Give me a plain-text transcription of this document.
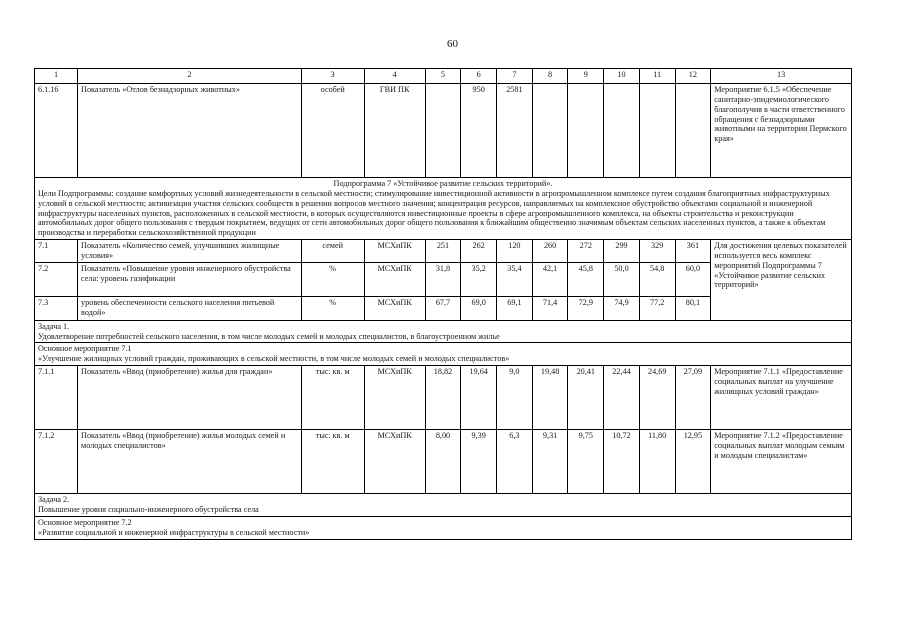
60
1	2	3	4	5	6	7	8	9	10	11	12	13
6.1.16	Показатель «Отлов безнадзорных животных»	особей	ГВИ ПК		950	2581						Мероприятие 6.1.5 «Обеспечение санитарно-эпидемиологического благополучия в части ответственного обращения с безнадзорными животными на территории Пермского края»

Подпрограмма 7 «Устойчивое развитие сельских территорий».
Цели Подпрограммы: создание комфортных условий жизнедеятельности в сельской местности; стимулирование инвестиционной активности в агропромышленном комплексе путем создания благоприятных инфраструктурных условий в сельской местности; активизация участия сельских сообществ в решении вопросов местного значения; концентрация ресурсов, направляемых на комплексное обустройство объектами социальной и инженерной инфраструктуры населенных пунктов, расположенных в сельской местности, в которых осуществляются инвестиционные проекты в сфере агропромышленного комплекса, на объекты строительства и реконструкции автомобильных дорог общего пользования с твердым покрытием, ведущих от сети автомобильных дорог общего пользования к ближайшим общественно значимым объектам сельских населенных пунктов, а также к объектам производства и переработки сельскохозяйственной продукции												
7.1	Показатель «Количество семей, улучшивших жилищные условия»	семей	МСХиПК	251	262	120	260	272	299	329	361	Для достижения целевых показателей используется весь комплекс мероприятий Подпрограммы 7 «Устойчивое развитие сельских территорий»
7.2	Показатель «Повышение уровня инженерного обустройства села: уровень газификации	%	МСХиПК	31,8	35,2	35,4	42,1	45,8	50,0	54,8	60,0	
7.3	уровень обеспеченности сельского населения питьевой водой»	%	МСХиПК	67,7	69,0	69,1	71,4	72,9	74,9	77,2	80,1	

Задача 1.
Удовлетворение потребностей сельского населения, в том числе молодых семей и молодых специалистов, в благоустроенном жилье												

Основное мероприятие 7.1
«Улучшение жилищных условий граждан, проживающих в сельской местности, в том числе молодых семей и молодых специалистов»												

7.1.1	Показатель «Ввод (приобретение) жилья для граждан»	тыс. кв. м	МСХиПК	18,82	19,64	9,0	19,48	20,41	22,44	24,69	27,09	Мероприятие 7.1.1 «Предоставление социальных выплат на улучшение жилищных условий граждан»
7.1.2	Показатель «Ввод (приобретение) жилья молодых семей и молодых специалистов»	тыс. кв. м	МСХиПК	8,00	9,39	6,3	9,31	9,75	10,72	11,80	12,95	Мероприятие 7.1.2 «Предоставление социальных выплат молодым семьям и молодым специалистам»

Задача 2.
Повышение уровня социально-инженерного обустройства села												

Основное мероприятие 7.2
«Развитие социальной и инженерной инфраструктуры в сельской местности»												
